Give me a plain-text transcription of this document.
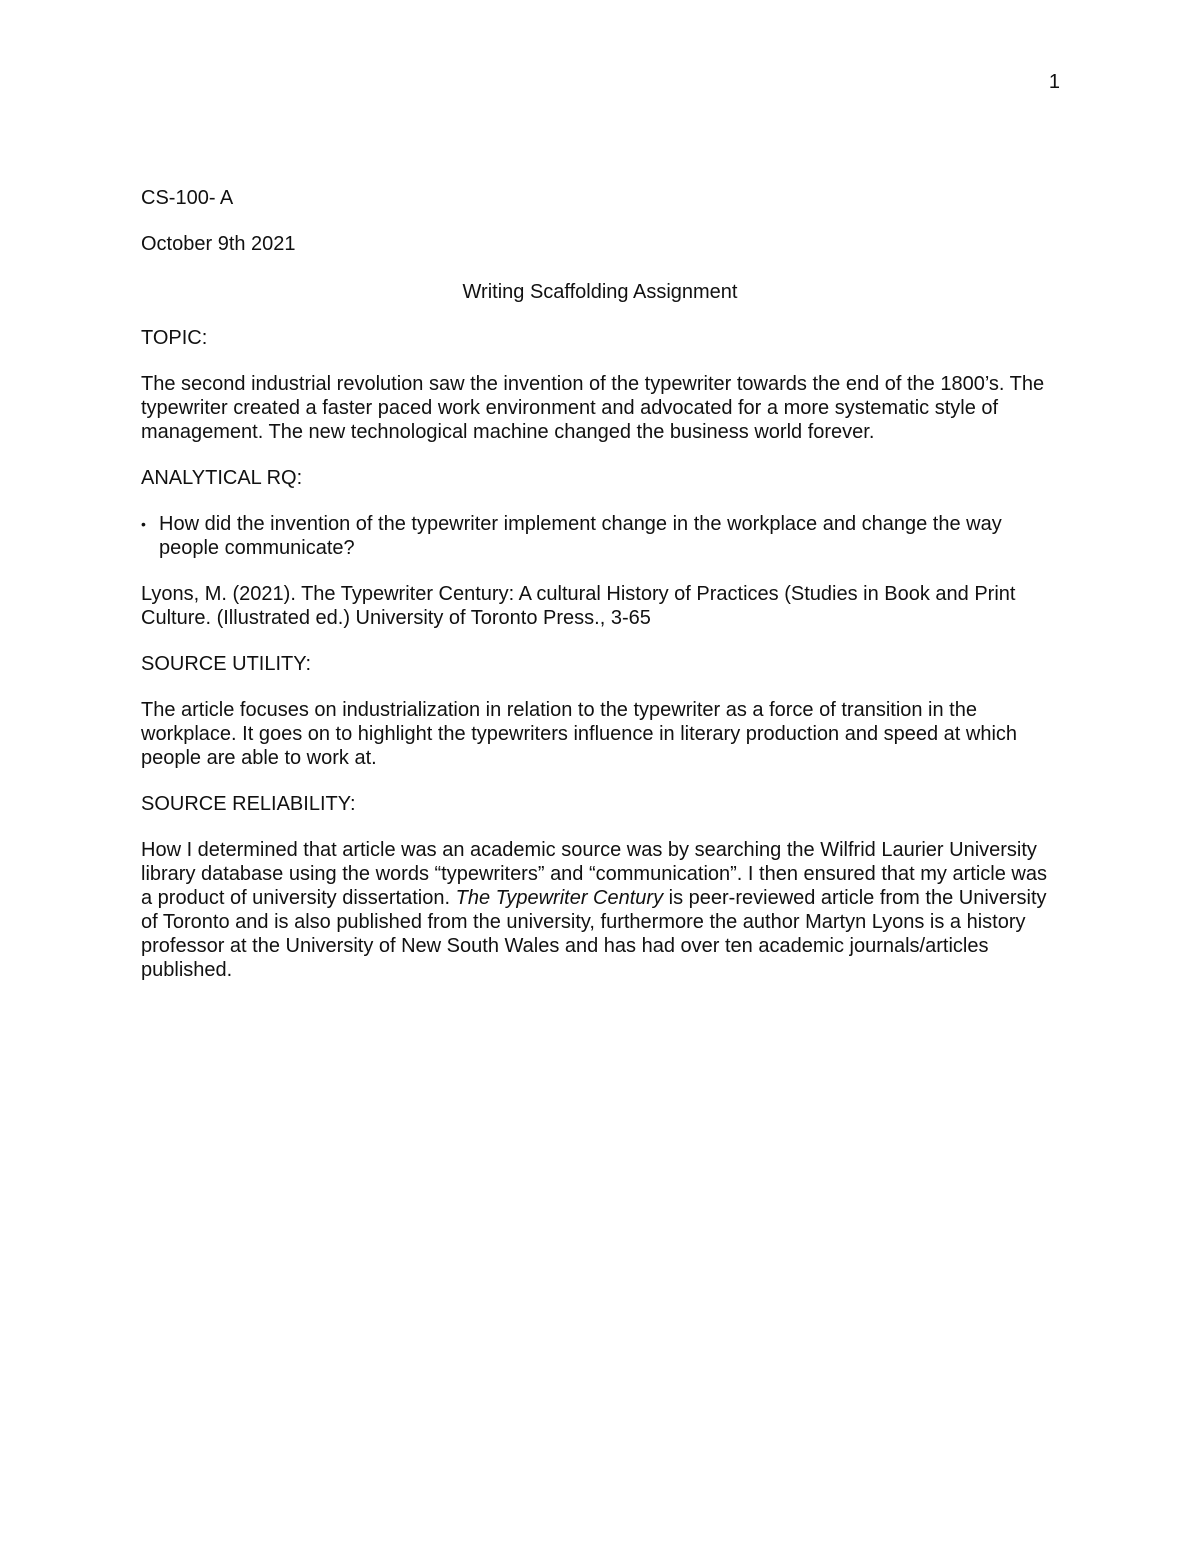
1

CS-100- A

October 9th 2021

Writing Scaffolding Assignment

TOPIC:

The second industrial revolution saw the invention of the typewriter towards the end of the 1800’s. The typewriter created a faster paced work environment and advocated for a more systematic style of management. The new technological machine changed the business world forever.

ANALYTICAL RQ:

• How did the invention of the typewriter implement change in the workplace and change the way people communicate?

Lyons, M. (2021). The Typewriter Century: A cultural History of Practices (Studies in Book and Print Culture. (Illustrated ed.) University of Toronto Press., 3-65

SOURCE UTILITY:

The article focuses on industrialization in relation to the typewriter as a force of transition in the workplace. It goes on to highlight the typewriters influence in literary production and speed at which people are able to work at.

SOURCE RELIABILITY:

How I determined that article was an academic source was by searching the Wilfrid Laurier University library database using the words “typewriters” and “communication”. I then ensured that my article was a product of university dissertation. The Typewriter Century is peer-reviewed article from the University of Toronto and is also published from the university, furthermore the author Martyn Lyons is a history professor at the University of New South Wales and has had over ten academic journals/articles published.
